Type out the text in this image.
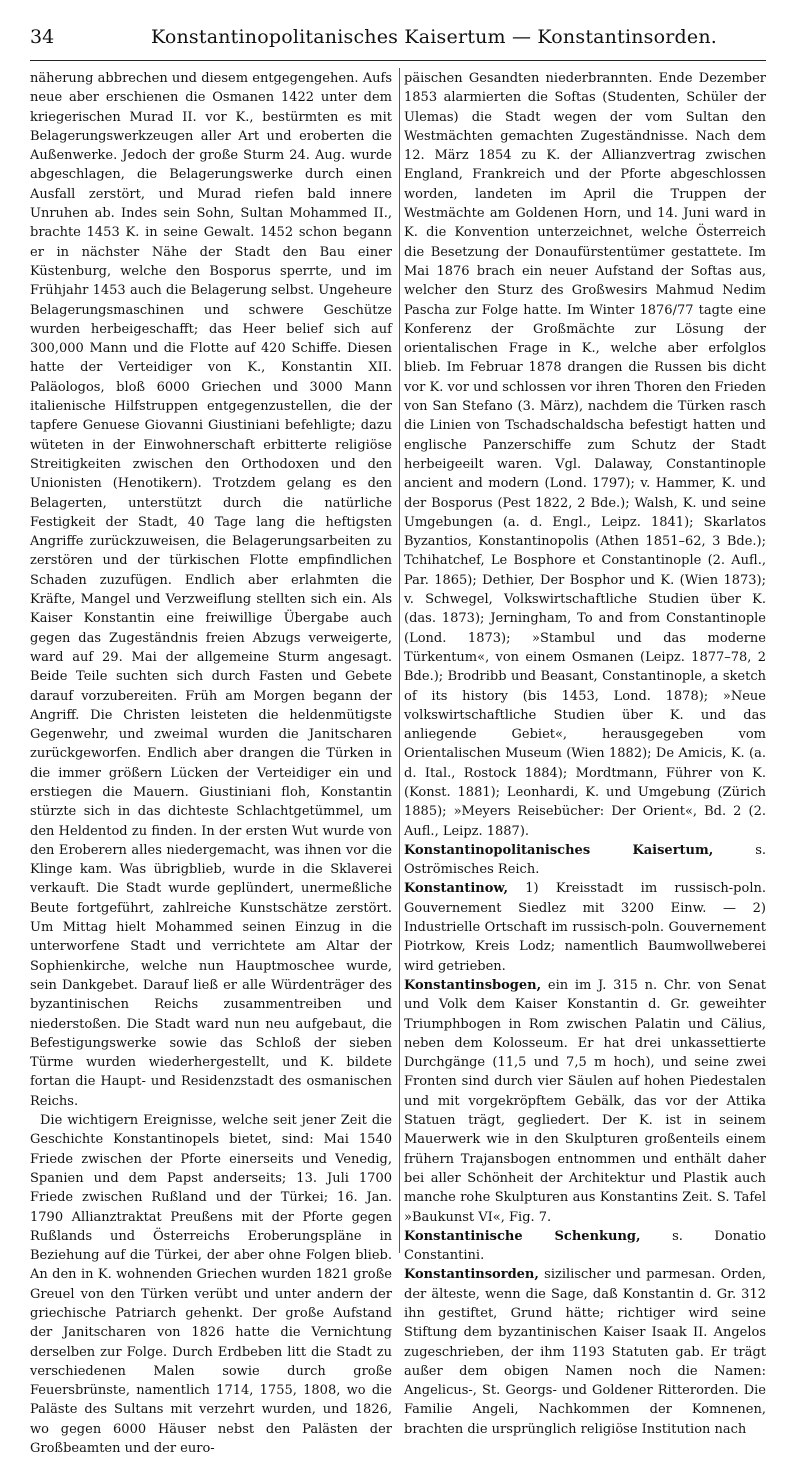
34	Konstantinopolitanisches Kaisertum — Konstantinsorden.

näherung abbrechen und diesem entgegengehen. Aufs neue aber erschienen die Osmanen 1422 unter dem kriegerischen Murad II. vor K., bestürmten es mit Belagerungswerkzeugen aller Art und eroberten die Außenwerke. Jedoch der große Sturm 24. Aug. wurde abgeschlagen, die Belagerungswerke durch einen Ausfall zerstört, und Murad riefen bald innere Unruhen ab. Indes sein Sohn, Sultan Mohammed II., brachte 1453 K. in seine Gewalt. 1452 schon begann er in nächster Nähe der Stadt den Bau einer Küstenburg, welche den Bosporus sperrte, und im Frühjahr 1453 auch die Belagerung selbst. Ungeheure Belagerungsmaschinen und schwere Geschütze wurden herbeigeschafft; das Heer belief sich auf 300,000 Mann und die Flotte auf 420 Schiffe. Diesen hatte der Verteidiger von K., Konstantin XII. Paläologos, bloß 6000 Griechen und 3000 Mann italienische Hilfstruppen entgegenzustellen, die der tapfere Genuese Giovanni Giustiniani befehligte; dazu wüteten in der Einwohnerschaft erbitterte religiöse Streitigkeiten zwischen den Orthodoxen und den Unionisten (Henotikern). Trotzdem gelang es den Belagerten, unterstützt durch die natürliche Festigkeit der Stadt, 40 Tage lang die heftigsten Angriffe zurückzuweisen, die Belagerungsarbeiten zu zerstören und der türkischen Flotte empfindlichen Schaden zuzufügen. Endlich aber erlahmten die Kräfte, Mangel und Verzweiflung stellten sich ein. Als Kaiser Konstantin eine freiwillige Übergabe auch gegen das Zugeständnis freien Abzugs verweigerte, ward auf 29. Mai der allgemeine Sturm angesagt. Beide Teile suchten sich durch Fasten und Gebete darauf vorzubereiten. Früh am Morgen begann der Angriff. Die Christen leisteten die heldenmütigste Gegenwehr, und zweimal wurden die Janitscharen zurückgeworfen. Endlich aber drangen die Türken in die immer größern Lücken der Verteidiger ein und erstiegen die Mauern. Giustiniani floh, Konstantin stürzte sich in das dichteste Schlachtgetümmel, um den Heldentod zu finden. In der ersten Wut wurde von den Eroberern alles niedergemacht, was ihnen vor die Klinge kam. Was übrigblieb, wurde in die Sklaverei verkauft. Die Stadt wurde geplündert, unermeßliche Beute fortgeführt, zahlreiche Kunstschätze zerstört. Um Mittag hielt Mohammed seinen Einzug in die unterworfene Stadt und verrichtete am Altar der Sophienkirche, welche nun Hauptmoschee wurde, sein Dankgebet. Darauf ließ er alle Würdenträger des byzantinischen Reichs zusammentreiben und niederstoßen. Die Stadt ward nun neu aufgebaut, die Befestigungswerke sowie das Schloß der sieben Türme wurden wiederhergestellt, und K. bildete fortan die Haupt- und Residenzstadt des osmanischen Reichs.

Die wichtigern Ereignisse, welche seit jener Zeit die Geschichte Konstantinopels bietet, sind: Mai 1540 Friede zwischen der Pforte einerseits und Venedig, Spanien und dem Papst anderseits; 13. Juli 1700 Friede zwischen Rußland und der Türkei; 16. Jan. 1790 Allianztraktat Preußens mit der Pforte gegen Rußlands und Österreichs Eroberungspläne in Beziehung auf die Türkei, der aber ohne Folgen blieb. An den in K. wohnenden Griechen wurden 1821 große Greuel von den Türken verübt und unter andern der griechische Patriarch gehenkt. Der große Aufstand der Janitscharen von 1826 hatte die Vernichtung derselben zur Folge. Durch Erdbeben litt die Stadt zu verschiedenen Malen sowie durch große Feuersbrünste, namentlich 1714, 1755, 1808, wo die Paläste des Sultans mit verzehrt wurden, und 1826, wo gegen 6000 Häuser nebst den Palästen der Großbeamten und der euro-

päischen Gesandten niederbrannten. Ende Dezember 1853 alarmierten die Softas (Studenten, Schüler der Ulemas) die Stadt wegen der vom Sultan den Westmächten gemachten Zugeständnisse. Nach dem 12. März 1854 zu K. der Allianzvertrag zwischen England, Frankreich und der Pforte abgeschlossen worden, landeten im April die Truppen der Westmächte am Goldenen Horn, und 14. Juni ward in K. die Konvention unterzeichnet, welche Österreich die Besetzung der Donaufürstentümer gestattete. Im Mai 1876 brach ein neuer Aufstand der Softas aus, welcher den Sturz des Großwesirs Mahmud Nedim Pascha zur Folge hatte. Im Winter 1876/77 tagte eine Konferenz der Großmächte zur Lösung der orientalischen Frage in K., welche aber erfolglos blieb. Im Februar 1878 drangen die Russen bis dicht vor K. vor und schlossen vor ihren Thoren den Frieden von San Stefano (3. März), nachdem die Türken rasch die Linien von Tschadschaldscha befestigt hatten und englische Panzerschiffe zum Schutz der Stadt herbeigeeilt waren. Vgl. Dalaway, Constantinople ancient and modern (Lond. 1797); v. Hammer, K. und der Bosporus (Pest 1822, 2 Bde.); Walsh, K. und seine Umgebungen (a. d. Engl., Leipz. 1841); Skarlatos Byzantios, Konstantinopolis (Athen 1851–62, 3 Bde.); Tchihatchef, Le Bosphore et Constantinople (2. Aufl., Par. 1865); Dethier, Der Bosphor und K. (Wien 1873); v. Schwegel, Volkswirtschaftliche Studien über K. (das. 1873); Jerningham, To and from Constantinople (Lond. 1873); »Stambul und das moderne Türkentum«, von einem Osmanen (Leipz. 1877–78, 2 Bde.); Brodribb und Beasant, Constantinople, a sketch of its history (bis 1453, Lond. 1878); »Neue volkswirtschaftliche Studien über K. und das anliegende Gebiet«, herausgegeben vom Orientalischen Museum (Wien 1882); De Amicis, K. (a. d. Ital., Rostock 1884); Mordtmann, Führer von K. (Konst. 1881); Leonhardi, K. und Umgebung (Zürich 1885); »Meyers Reisebücher: Der Orient«, Bd. 2 (2. Aufl., Leipz. 1887).

Konstantinopolitanisches Kaisertum, s. Oströmisches Reich.

Konstantinow, 1) Kreisstadt im russisch-poln. Gouvernement Siedlez mit 3200 Einw. — 2) Industrielle Ortschaft im russisch-poln. Gouvernement Piotrkow, Kreis Lodz; namentlich Baumwollweberei wird getrieben.

Konstantinsbogen, ein im J. 315 n. Chr. von Senat und Volk dem Kaiser Konstantin d. Gr. geweihter Triumphbogen in Rom zwischen Palatin und Cälius, neben dem Kolosseum. Er hat drei unkassettierte Durchgänge (11,5 und 7,5 m hoch), und seine zwei Fronten sind durch vier Säulen auf hohen Piedestalen und mit vorgekröpftem Gebälk, das vor der Attika Statuen trägt, gegliedert. Der K. ist in seinem Mauerwerk wie in den Skulpturen großenteils einem frühern Trajansbogen entnommen und enthält daher bei aller Schönheit der Architektur und Plastik auch manche rohe Skulpturen aus Konstantins Zeit. S. Tafel »Baukunst VI«, Fig. 7.

Konstantinische Schenkung, s. Donatio Constantini.

Konstantinsorden, sizilischer und parmesan. Orden, der älteste, wenn die Sage, daß Konstantin d. Gr. 312 ihn gestiftet, Grund hätte; richtiger wird seine Stiftung dem byzantinischen Kaiser Isaak II. Angelos zugeschrieben, der ihm 1193 Statuten gab. Er trägt außer dem obigen Namen noch die Namen: Angelicus-, St. Georgs- und Goldener Ritterorden. Die Familie Angeli, Nachkommen der Komnenen, brachten die ursprünglich religiöse Institution nach
